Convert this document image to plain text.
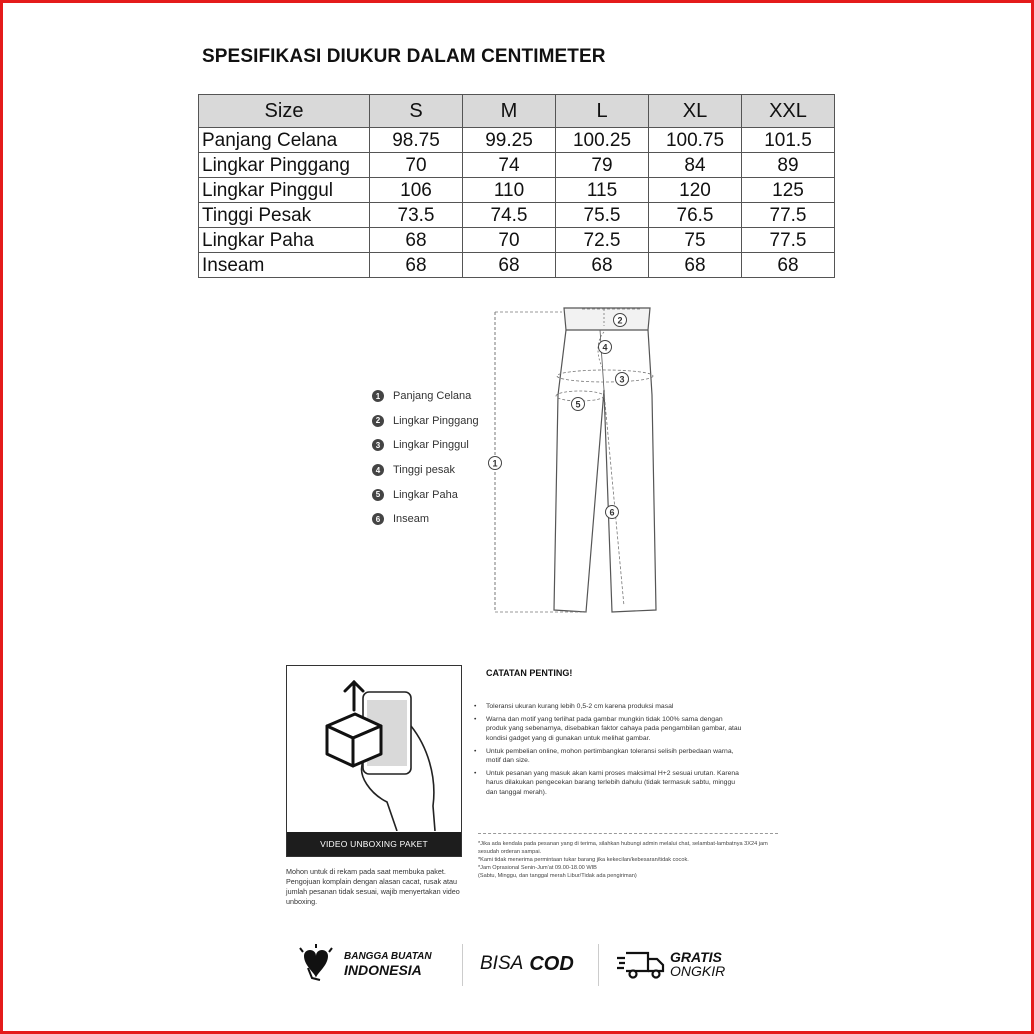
SPESIFIKASI DIUKUR DALAM CENTIMETER
Size	S	M	L	XL	XXL
Panjang Celana	98.75	99.25	100.25	100.75	101.5
Lingkar Pinggang	70	74	79	84	89
Lingkar Pinggul	106	110	115	120	125
Tinggi Pesak	73.5	74.5	75.5	76.5	77.5
Lingkar Paha	68	70	72.5	75	77.5
Inseam	68	68	68	68	68
1	Panjang Celana
2	Lingkar Pinggang
3	Lingkar Pinggul
4	Tinggi pesak
5	Lingkar Paha
6	Inseam
1
2
3
4
5
6
VIDEO UNBOXING PAKET
Mohon untuk di rekam pada saat membuka paket. Pengojuan komplain dengan alasan cacat, rusak atau jumlah pesanan tidak sesuai, wajib menyertakan video unboxing.
CATATAN PENTING!
•	Toleransi ukuran kurang lebih 0,5-2 cm karena produksi masal
•	Warna dan motif yang terlihat pada gambar mungkin tidak 100% sama dengan produk yang sebenarnya, disebabkan faktor cahaya pada pengambilan gambar, atau kondisi gadget yang di gunakan untuk melihat gambar.
•	Untuk pembelian online, mohon pertimbangkan toleransi selisih perbedaan warna, motif dan size.
•	Untuk pesanan yang masuk akan kami proses maksimal H+2 sesuai urutan. Karena harus dilakukan pengecekan barang terlebih dahulu (tidak termasuk sabtu, minggu dan tanggal merah).
*Jika ada kendala pada pesanan yang di terima, silahkan hubungi admin melalui chat, selambat-lambatnya 3X24 jam sesudah orderan sampai.
*Kami tidak menerima permintaan tukar barang jika kekecilan/kebesaran/tidak cocok.
*Jam Oprasional Senin-Jum'at 09.00-18.00 WIB
(Sabtu, Minggu, dan tanggal merah Libur/Tidak ada pengiriman)
BANGGA BUATAN
INDONESIA	BISA COD	GRATIS
ONGKIR
